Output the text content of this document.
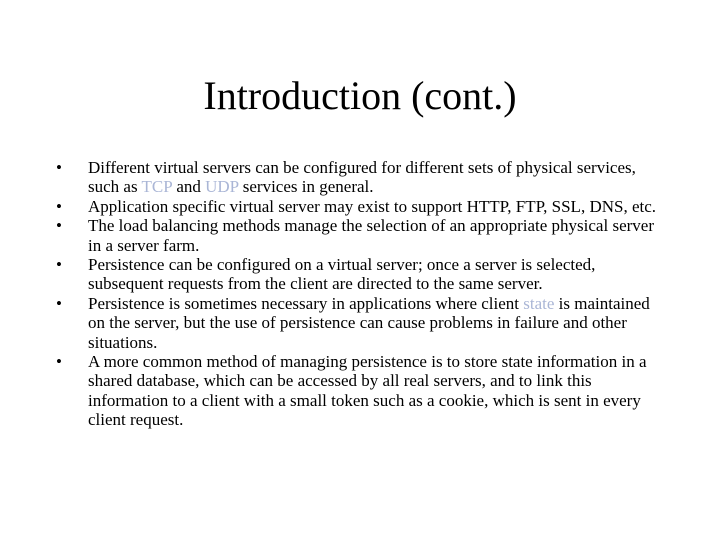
Introduction (cont.)
• Different virtual servers can be configured for different sets of physical services, such as TCP and UDP services in general.
• Application specific virtual server may exist to support HTTP, FTP, SSL, DNS, etc.
• The load balancing methods manage the selection of an appropriate physical server in a server farm.
• Persistence can be configured on a virtual server; once a server is selected, subsequent requests from the client are directed to the same server.
• Persistence is sometimes necessary in applications where client state is maintained on the server, but the use of persistence can cause problems in failure and other situations.
• A more common method of managing persistence is to store state information in a shared database, which can be accessed by all real servers, and to link this information to a client with a small token such as a cookie, which is sent in every client request.
